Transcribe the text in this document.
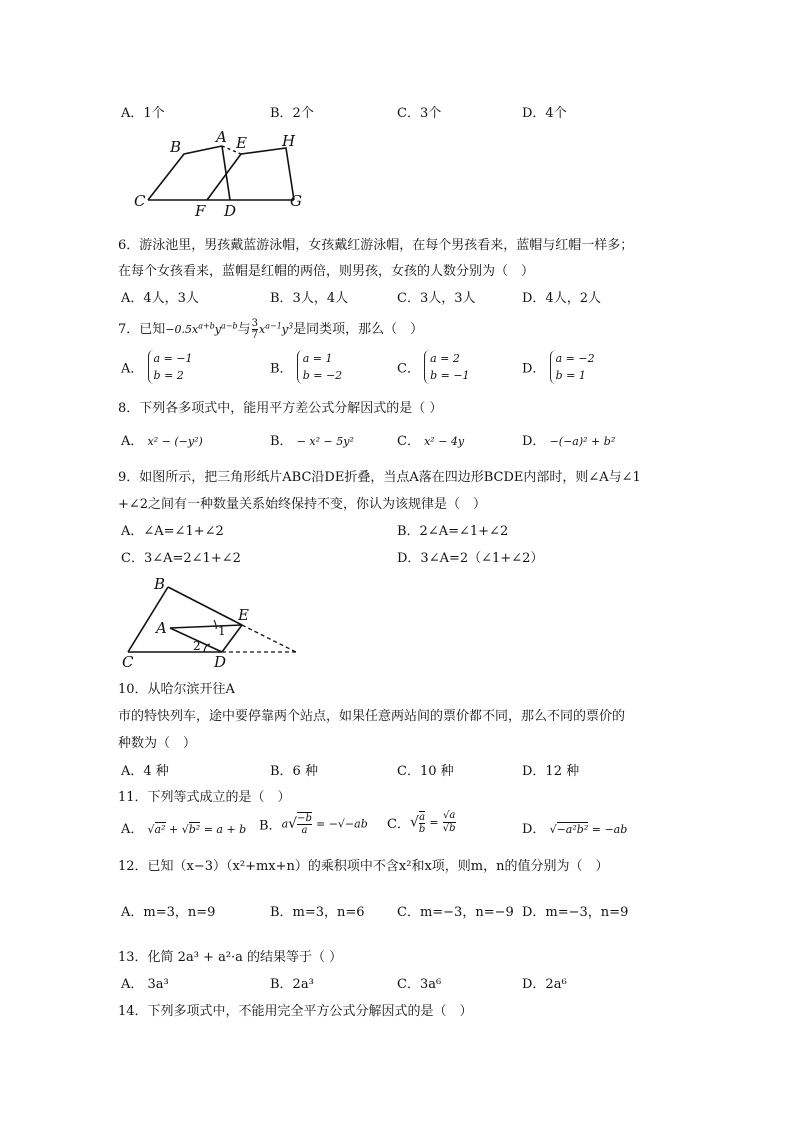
A．1个	B．2个	C．3个	D．4个
B
A E H
C
F D
G
6．游泳池里，男孩戴蓝游泳帽，女孩戴红游泳帽，在每个男孩看来，蓝帽与红帽一样多；
在每个女孩看来，蓝帽是红帽的两倍，则男孩，女孩的人数分别为（　）
A．4人，3人	B．3人，4人	C．3人，3人	D．4人，2人
7．已知$-0.5x^{a+b}y^{a-b}$与 $\frac{3}{7} x^{a-1}y^3$是同类项，那么（　）
A．
a = −1
b = 2	B．
a = 1
b = −2	C．
a = 2
b = −1	D．
a = −2
b = 1
8．下列各多项式中，能用平方差公式分解因式的是（ ）
A． x² − (−y²)	B． − x² − 5y²	C． x² − 4y	D． −(−a)² + b²
9．如图所示，把三角形纸片ABC沿DE折叠，当点A落在四边形BCDE内部时，则∠A与∠1
+∠2之间有一种数量关系始终保持不变，你认为该规律是（　）
A．∠A=∠1+∠2	B．2∠A=∠1+∠2
C．3∠A=2∠1+∠2	D．3∠A=2（∠1+∠2）
B
E
A	1
2
C	D
10．从哈尔滨开往A
市的特快列车，途中要停靠两个站点，如果任意两站间的票价都不同，那么不同的票价的
种数为（　）
A．4 种	B．6 种	C．10 种	D．12 种
11．下列等式成立的是（　）
A． √a² + √b² = a + b B．$a√ \frac{-b}{a} = -√-ab$ C．√ $\frac{a}{b} = \frac{√a}{√b}$	D． √−a²b² = −ab
12．已知（x−3）（x²+mx+n）的乘积项中不含x²和x项，则m，n的值分别为（　）
A．m=3，n=9	B．m=3，n=6 C．m=−3，n=−9 D．m=−3，n=9
13．化简 2a³ + a²·a 的结果等于（ ）
A． 3a³	B．2a³	C．3a⁶	D．2a⁶
14．下列多项式中，不能用完全平方公式分解因式的是（　）
